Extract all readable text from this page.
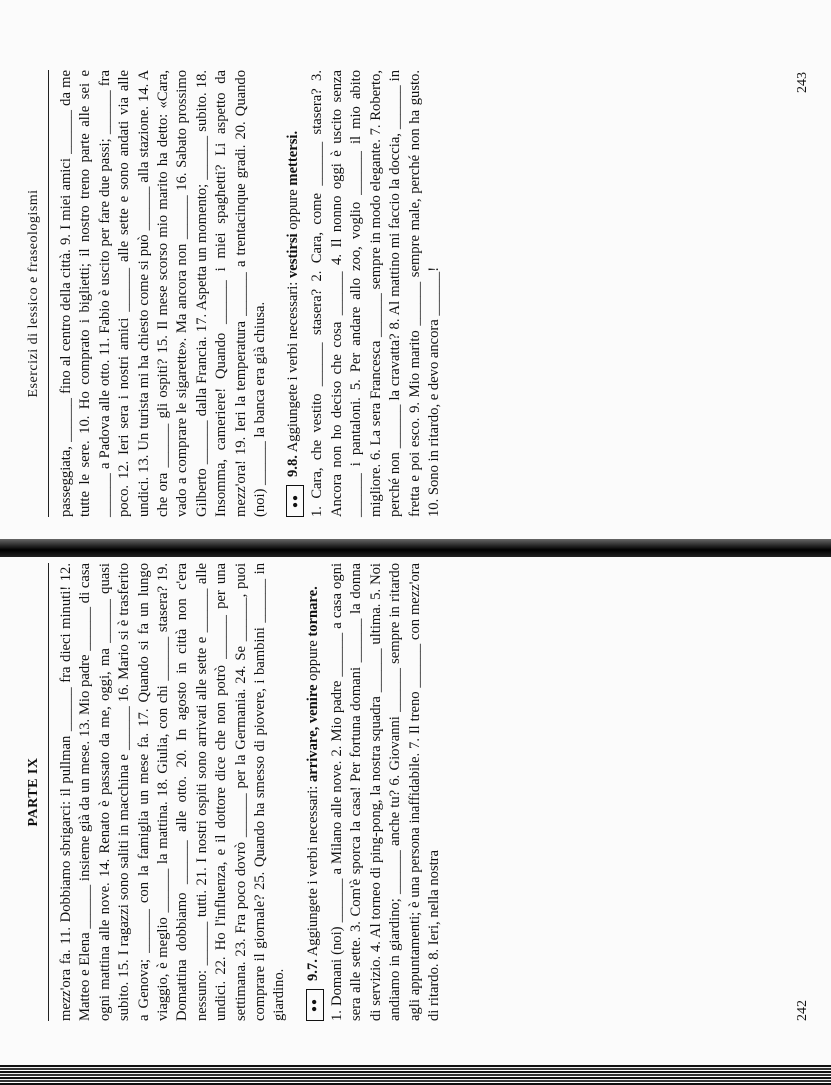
PARTE IX mezz'ora fa. 11. Dobbiamo sbrigarci: il pullman ______ fra dieci minuti! 12. Matteo e Elena ______ insieme già da un mese. 13. Mio padre ______ di casa ogni mattina alle nove. 14. Renato è passato da me, oggi, ma ______ quasi subito. 15. I ragazzi sono saliti in macchina e ______ 16. Mario si è trasferito a Genova; ______ con la famiglia un mese fa. 17. Quando si fa un lungo viaggio, è meglio ______ la mattina. 18. Giulia, con chi ______ stasera? 19. Domattina dobbiamo ______ alle otto. 20. In agosto in città non c'era nessuno: ______ tutti. 21. I nostri ospiti sono arrivati alle sette e ______ alle undici. 22. Ho l'influenza, e il dottore dice che non potrò ______ per una settimana. 23. Fra poco dovrò ______ per la Germania. 24. Se ______, puoi comprare il giornale? 25. Quando ha smesso di piovere, i bambini ______ in giardino.	●●
9.7. Aggiungete i verbi necessari: arrivare, venire oppure tornare. 1. Domani (noi) ______ a Milano alle nove. 2. Mio padre ______ a casa ogni sera alle sette. 3. Com'è sporca la casa! Per fortuna domani ______ la donna di servizio. 4. Al torneo di ping-pong, la nostra squadra ______ ultima. 5. Noi andiamo in giardino; ______ anche tu? 6. Giovanni ______ sempre in ritardo agli appuntamenti; è una persona inaffidabile. 7. Il treno ______ con mezz'ora di ritardo. 8. Ieri, nella nostra	242
Esercizi di lessico e fraseologismi passeggiata, ______ fino al centro della città. 9. I miei amici ______ da me tutte le sere. 10. Ho comprato i biglietti; il nostro treno parte alle sei e ______ a Padova alle otto. 11. Fabio è uscito per fare due passi; ______ fra poco. 12. Ieri sera i nostri amici ______ alle sette e sono andati via alle undici. 13. Un turista mi ha chiesto come si può ______ alla stazione. 14. A che ora ______ gli ospiti? 15. Il mese scorso mio marito ha detto: «Cara, vado a comprare le sigarette». Ma ancora non ______ 16. Sabato prossimo Gilberto ______ dalla Francia. 17. Aspetta un momento; ______ subito. 18. Insomma, cameriere! Quando ______ i miei spaghetti? Li aspetto da mezz'ora! 19. Ieri la temperatura ______ a trentacinque gradi. 20. Quando (noi) ______ la banca era già chiusa.	●●
9.8. Aggiungete i verbi necessari: vestirsi oppure mettersi. 1. Cara, che vestito ______ stasera? 2. Cara, come ______ stasera? 3. Ancora non ho deciso che cosa ______ 4. Il nonno oggi è uscito senza ______ i pantaloni. 5. Per andare allo zoo, voglio ______ il mio abito migliore. 6. La sera Francesca ______ sempre in modo elegante. 7. Roberto, perché non ______ la cravatta? 8. Al mattino mi faccio la doccia, ______ in fretta e poi esco. 9. Mio marito ______ sempre male, perché non ha gusto. 10. Sono in ritardo, e devo ancora ______!

243
